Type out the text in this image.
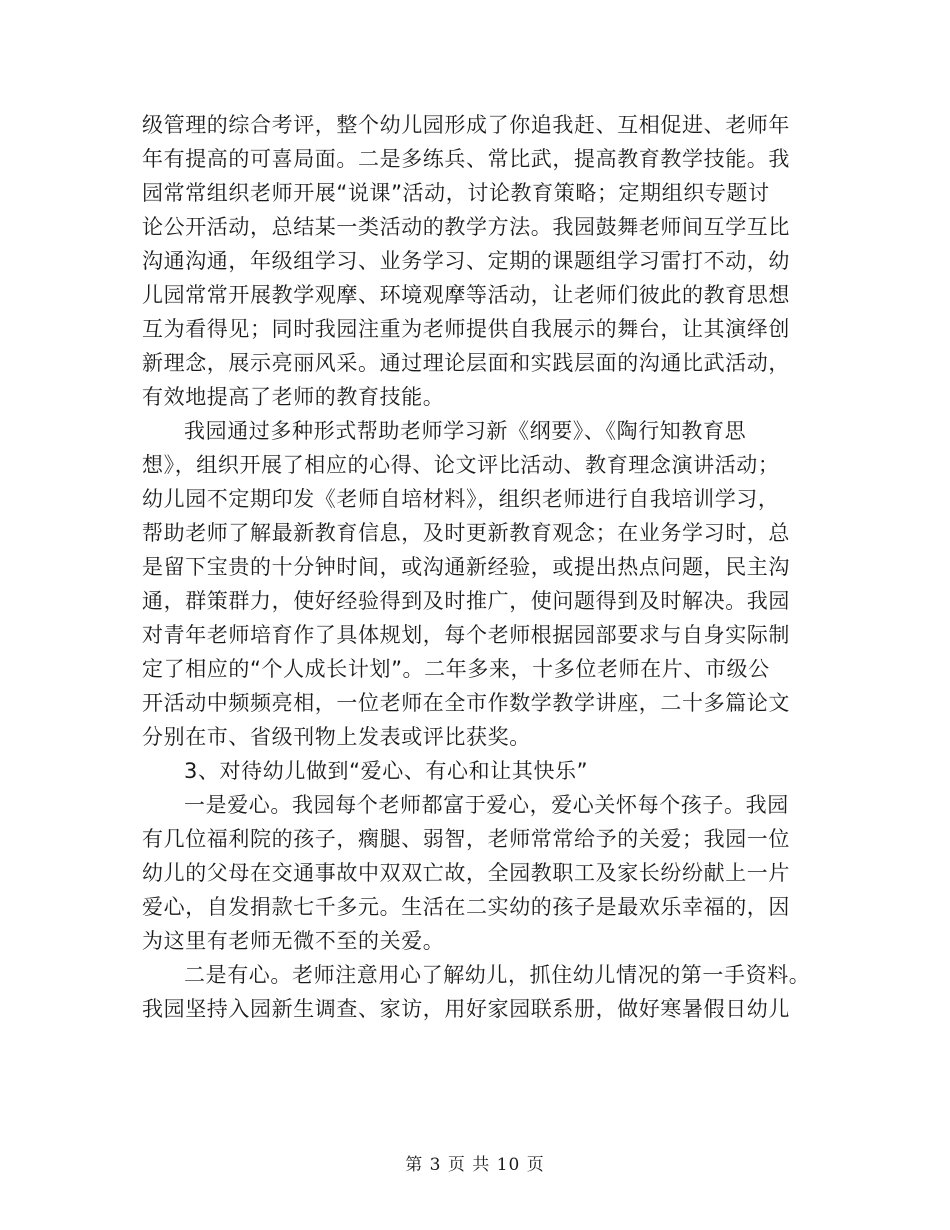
级管理的综合考评，整个幼儿园形成了你追我赶、互相促进、老师年
年有提高的可喜局面。二是多练兵、常比武，提高教育教学技能。我
园常常组织老师开展“说课”活动，讨论教育策略；定期组织专题讨
论公开活动，总结某一类活动的教学方法。我园鼓舞老师间互学互比
沟通沟通，年级组学习、业务学习、定期的课题组学习雷打不动，幼
儿园常常开展教学观摩、环境观摩等活动，让老师们彼此的教育思想
互为看得见；同时我园注重为老师提供自我展示的舞台，让其演绎创
新理念，展示亮丽风采。通过理论层面和实践层面的沟通比武活动，
有效地提高了老师的教育技能。
我园通过多种形式帮助老师学习新《纲要》、《陶行知教育思
想》，组织开展了相应的心得、论文评比活动、教育理念演讲活动；
幼儿园不定期印发《老师自培材料》，组织老师进行自我培训学习，
帮助老师了解最新教育信息，及时更新教育观念；在业务学习时，总
是留下宝贵的十分钟时间，或沟通新经验，或提出热点问题，民主沟
通，群策群力，使好经验得到及时推广，使问题得到及时解决。我园
对青年老师培育作了具体规划，每个老师根据园部要求与自身实际制
定了相应的“个人成长计划”。二年多来，十多位老师在片、市级公
开活动中频频亮相，一位老师在全市作数学教学讲座，二十多篇论文
分别在市、省级刊物上发表或评比获奖。
3、对待幼儿做到“爱心、有心和让其快乐”
一是爱心。我园每个老师都富于爱心，爱心关怀每个孩子。我园
有几位福利院的孩子，瘸腿、弱智，老师常常给予的关爱；我园一位
幼儿的父母在交通事故中双双亡故，全园教职工及家长纷纷献上一片
爱心，自发捐款七千多元。生活在二实幼的孩子是最欢乐幸福的，因
为这里有老师无微不至的关爱。
二是有心。老师注意用心了解幼儿，抓住幼儿情况的第一手资料。
我园坚持入园新生调查、家访，用好家园联系册，做好寒暑假日幼儿
第 3 页 共 10 页
